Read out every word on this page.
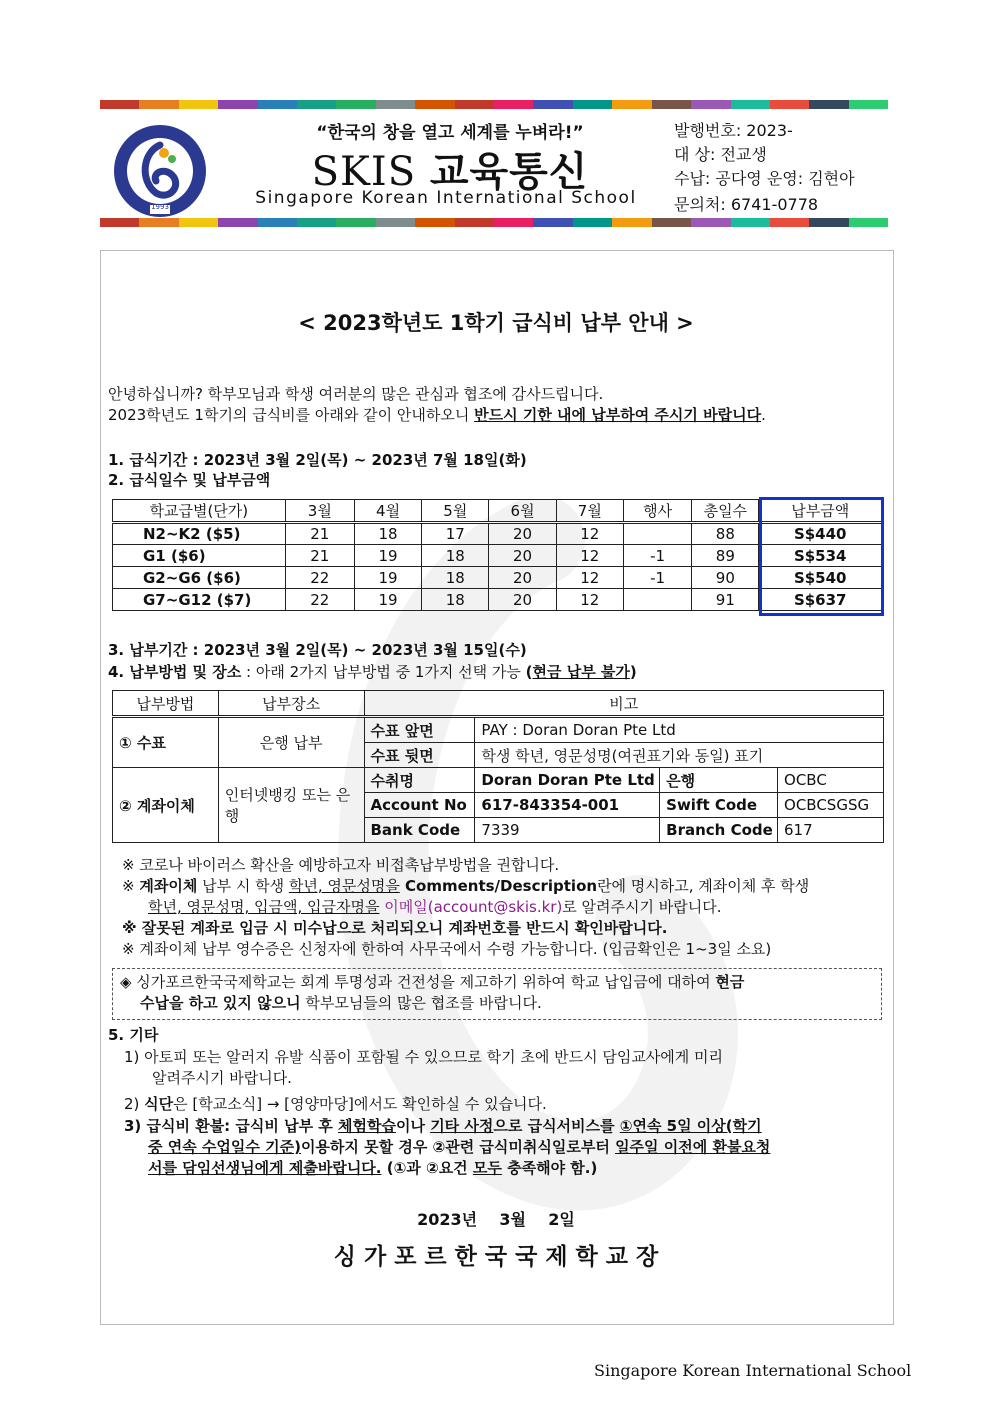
1993
“한국의 창을 열고 세계를 누벼라!”
SKIS 교육통신
Singapore Korean International School
발행번호: 2023-
대 상: 전교생
수납: 공다영 운영: 김현아
문의처: 6741-0778
< 2023학년도 1학기 급식비 납부 안내 >
안녕하십니까? 학부모님과 학생 여러분의 많은 관심과 협조에 감사드립니다.
2023학년도 1학기의 급식비를 아래와 같이 안내하오니 반드시 기한 내에 납부하여 주시기 바랍니다.
1. 급식기간 : 2023년 3월 2일(목) ~ 2023년 7월 18일(화)
2. 급식일수 및 납부금액
학교급별(단가)	3월	4월	5월	6월	7월	행사	총일수	납부금액
N2~K2 ($5)	21	18	17	20	12		88	S$440
G1 ($6)	21	19	18	20	12	-1	89	S$534
G2~G6 ($6)	22	19	18	20	12	-1	90	S$540
G7~G12 ($7)	22	19	18	20	12		91	S$637
3. 납부기간 : 2023년 3월 2일(목) ~ 2023년 3월 15일(수)
4. 납부방법 및 장소 : 아래 2가지 납부방법 중 1가지 선택 가능 (현금 납부 불가)
납부방법	납부장소	비고			
① 수표	은행 납부	수표 앞면	PAY : Doran Doran Pte Ltd		
		수표 뒷면	학생 학년, 영문성명(여권표기와 동일) 표기		
② 계좌이체	인터넷뱅킹 또는 은행	수취명	Doran Doran Pte Ltd	은행	OCBC
		Account No	617-843354-001	Swift Code	OCBCSGSG
		Bank Code	7339	Branch Code	617
※ 코로나 바이러스 확산을 예방하고자 비접촉납부방법을 권합니다.
※ 계좌이체 납부 시 학생 학년, 영문성명을 Comments/Description란에 명시하고, 계좌이체 후 학생
학년, 영문성명, 입금액, 입금자명을 이메일(account@skis.kr)로 알려주시기 바랍니다.
※ 잘못된 계좌로 입금 시 미수납으로 처리되오니 계좌번호를 반드시 확인바랍니다.
※ 계좌이체 납부 영수증은 신청자에 한하여 사무국에서 수령 가능합니다. (입금확인은 1~3일 소요)
◈ 싱가포르한국국제학교는 회계 투명성과 건전성을 제고하기 위하여 학교 납입금에 대하여 현금
수납을 하고 있지 않으니 학부모님들의 많은 협조를 바랍니다.
5. 기타
1) 아토피 또는 알러지 유발 식품이 포함될 수 있으므로 학기 초에 반드시 담임교사에게 미리
알려주시기 바랍니다.
2) 식단은 [학교소식] → [영양마당]에서도 확인하실 수 있습니다.
3) 급식비 환불: 급식비 납부 후 체험학습이나 기타 사정으로 급식서비스를 ①연속 5일 이상(학기
중 연속 수업일수 기준)이용하지 못할 경우 ②관련 급식미취식일로부터 일주일 이전에 환불요청
서를 담임선생님에게 제출바랍니다. (①과 ②요건 모두 충족해야 함.)
2023년    3월    2일
싱 가 포 르 한 국 국 제 학 교 장
Singapore Korean International School
